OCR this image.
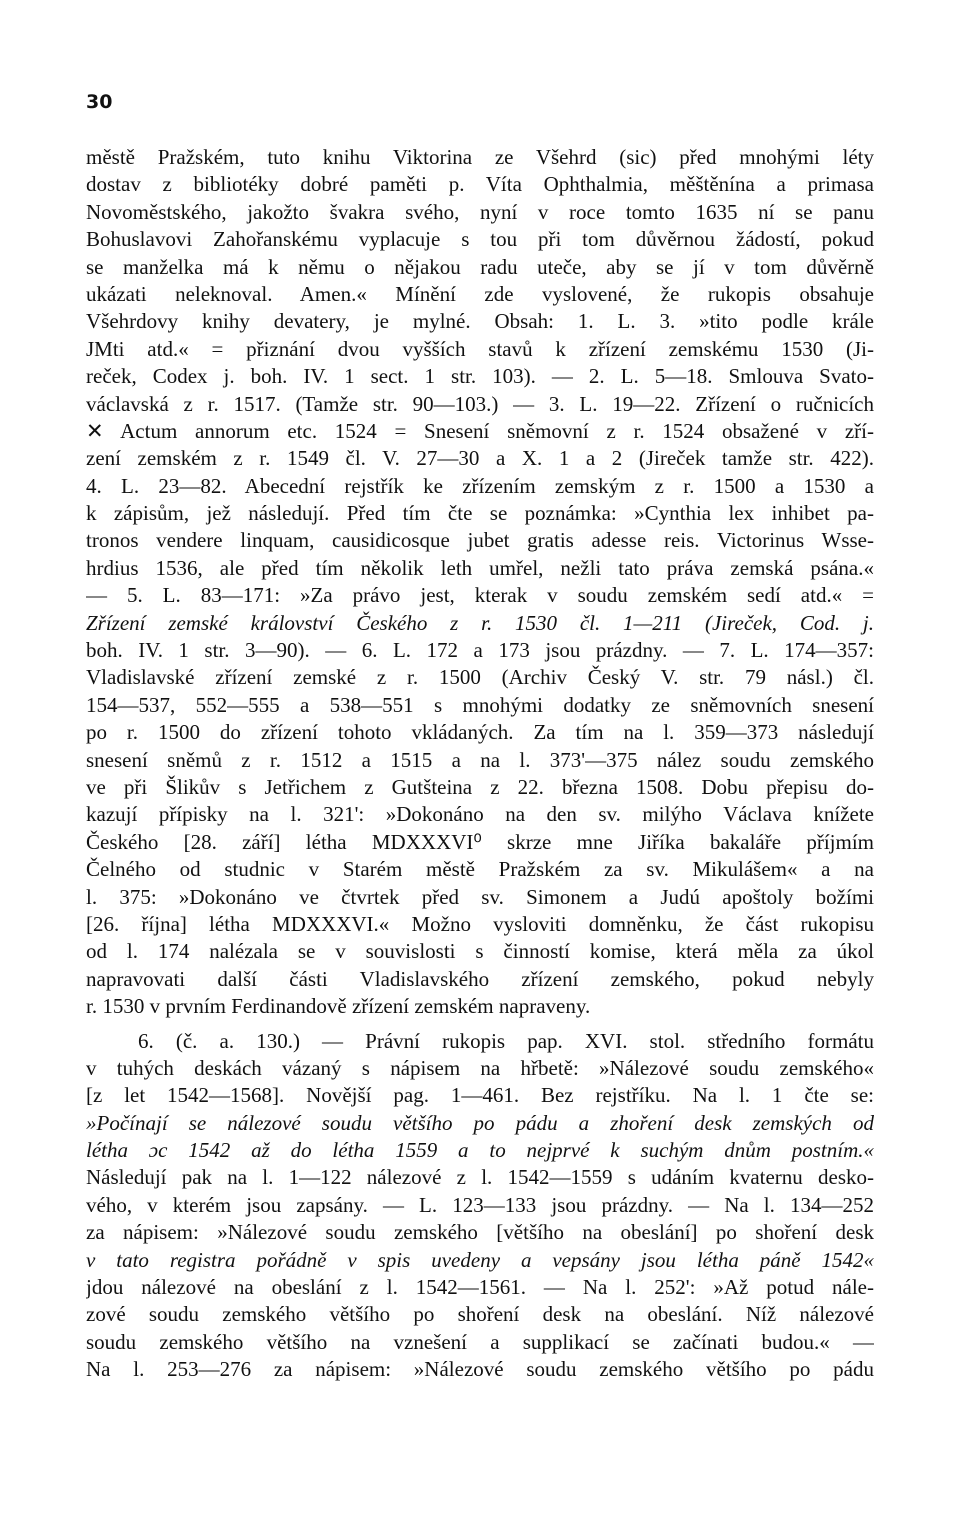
30
městě Pražském, tuto knihu Viktorina ze Všehrd (sic) před mnohými léty
dostav z bibliotéky dobré paměti p. Víta Ophthalmia, měštěnína a primasa
Novoměstského, jakožto švakra svého, nyní v roce tomto 1635 ní se panu
Bohuslavovi Zahořanskému vyplacuje s tou při tom důvěrnou žádostí, pokud
se manželka má k němu o nějakou radu uteče, aby se jí v tom důvěrně
ukázati neleknoval. Amen.« Mínění zde vyslovené, že rukopis obsahuje
Všehrdovy knihy devatery, je mylné. Obsah: 1. L. 3. »tito podle krále
JMti atd.« = přiznání dvou vyšších stavů k zřízení zemskému 1530 (Ji-
reček, Codex j. boh. IV. 1 sect. 1 str. 103). — 2. L. 5—18. Smlouva Svato-
václavská z r. 1517. (Tamže str. 90—103.) — 3. L. 19—22. Zřízení o ručnicích
✕ Actum annorum etc. 1524 = Snesení sněmovní z r. 1524 obsažené v zří-
zení zemském z r. 1549 čl. V. 27—30 a X. 1 a 2 (Jireček tamže str. 422).
4. L. 23—82. Abecední rejstřík ke zřízením zemským z r. 1500 a 1530 a
k zápisům, jež následují. Před tím čte se poznámka: »Cynthia lex inhibet pa-
tronos vendere linquam, causidicosque jubet gratis adesse reis. Victorinus Wsse-
hrdius 1536, ale před tím několik leth umřel, nežli tato práva zemská psána.«
— 5. L. 83—171: »Za právo jest, kterak v soudu zemském sedí atd.« =
Zřízení zemské království Českého z r. 1530 čl. 1—211 (Jireček, Cod. j.
boh. IV. 1 str. 3—90). — 6. L. 172 a 173 jsou prázdny. — 7. L. 174—357:
Vladislavské zřízení zemské z r. 1500 (Archiv Český V. str. 79 násl.) čl.
154—537, 552—555 a 538—551 s mnohými dodatky ze sněmovních snesení
po r. 1500 do zřízení tohoto vkládaných. Za tím na l. 359—373 následují
snesení sněmů z r. 1512 a 1515 a na l. 373'—375 nález soudu zemského
ve při Šlikův s Jetřichem z Gutšteina z 22. března 1508. Dobu přepisu do-
kazují přípisky na l. 321': »Dokonáno na den sv. milýho Václava knížete
Českého [28. září] létha MDXXXVI⁰ skrze mne Jiříka bakaláře příjmím
Čelného od studnic v Starém městě Pražském za sv. Mikulášem« a na
l. 375: »Dokonáno ve čtvrtek před sv. Simonem a Judú apoštoly božími
[26. října] létha MDXXXVI.« Možno vysloviti domněnku, že část rukopisu
od l. 174 nalézala se v souvislosti s činností komise, která měla za úkol
napravovati další části Vladislavského zřízení zemského, pokud nebyly
r. 1530 v prvním Ferdinandově zřízení zemském napraveny.
6. (č. a. 130.) — Právní rukopis pap. XVI. stol. středního formátu
v tuhých deskách vázaný s nápisem na hřbetě: »Nálezové soudu zemského«
[z let 1542—1568]. Novější pag. 1—461. Bez rejstříku. Na l. 1 čte se:
»Počínají se nálezové soudu většího po pádu a zhoření desk zemských od
létha ɔc 1542 až do létha 1559 a to nejprvé k suchým dnům postním.«
Následují pak na l. 1—122 nálezové z l. 1542—1559 s udáním kvaternu desko-
vého, v kterém jsou zapsány. — L. 123—133 jsou prázdny. — Na l. 134—252
za nápisem: »Nálezové soudu zemského [většího na obeslání] po shoření desk
v tato registra pořádně v spis uvedeny a vepsány jsou létha páně 1542«
jdou nálezové na obeslání z l. 1542—1561. — Na l. 252': »Až potud nále-
zové soudu zemského většího po shoření desk na obeslání. Níž nálezové
soudu zemského většího na vznešení a supplikací se začínati budou.« —
Na l. 253—276 za nápisem: »Nálezové soudu zemského většího po pádu
